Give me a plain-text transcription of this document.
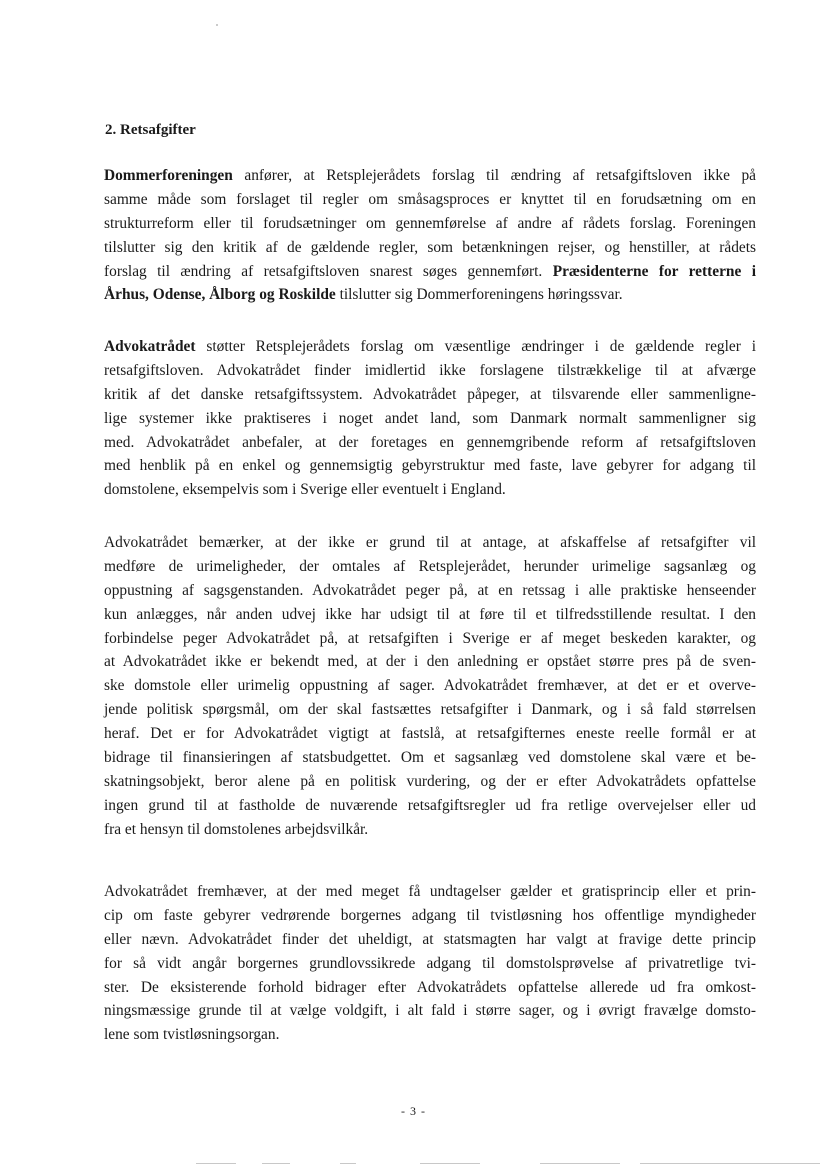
2. Retsafgifter
Dommerforeningen anfører, at Retsplejerådets forslag til ændring af retsafgiftsloven ikke på
samme måde som forslaget til regler om småsagsproces er knyttet til en forudsætning om en
strukturreform eller til forudsætninger om gennemførelse af andre af rådets forslag. Foreningen
tilslutter sig den kritik af de gældende regler, som betænkningen rejser, og henstiller, at rådets
forslag til ændring af retsafgiftsloven snarest søges gennemført. Præsidenterne for retterne i
Århus, Odense, Ålborg og Roskilde tilslutter sig Dommerforeningens høringssvar.
Advokatrådet støtter Retsplejerådets forslag om væsentlige ændringer i de gældende regler i
retsafgiftsloven. Advokatrådet finder imidlertid ikke forslagene tilstrækkelige til at afværge
kritik af det danske retsafgiftssystem. Advokatrådet påpeger, at tilsvarende eller sammenligne-
lige systemer ikke praktiseres i noget andet land, som Danmark normalt sammenligner sig
med. Advokatrådet anbefaler, at der foretages en gennemgribende reform af retsafgiftsloven
med henblik på en enkel og gennemsigtig gebyrstruktur med faste, lave gebyrer for adgang til
domstolene, eksempelvis som i Sverige eller eventuelt i England.
Advokatrådet bemærker, at der ikke er grund til at antage, at afskaffelse af retsafgifter vil
medføre de urimeligheder, der omtales af Retsplejerådet, herunder urimelige sagsanlæg og
oppustning af sagsgenstanden. Advokatrådet peger på, at en retssag i alle praktiske henseender
kun anlægges, når anden udvej ikke har udsigt til at føre til et tilfredsstillende resultat. I den
forbindelse peger Advokatrådet på, at retsafgiften i Sverige er af meget beskeden karakter, og
at Advokatrådet ikke er bekendt med, at der i den anledning er opstået større pres på de sven-
ske domstole eller urimelig oppustning af sager. Advokatrådet fremhæver, at det er et overve-
jende politisk spørgsmål, om der skal fastsættes retsafgifter i Danmark, og i så fald størrelsen
heraf. Det er for Advokatrådet vigtigt at fastslå, at retsafgifternes eneste reelle formål er at
bidrage til finansieringen af statsbudgettet. Om et sagsanlæg ved domstolene skal være et be-
skatningsobjekt, beror alene på en politisk vurdering, og der er efter Advokatrådets opfattelse
ingen grund til at fastholde de nuværende retsafgiftsregler ud fra retlige overvejelser eller ud
fra et hensyn til domstolenes arbejdsvilkår.
Advokatrådet fremhæver, at der med meget få undtagelser gælder et gratisprincip eller et prin-
cip om faste gebyrer vedrørende borgernes adgang til tvistløsning hos offentlige myndigheder
eller nævn. Advokatrådet finder det uheldigt, at statsmagten har valgt at fravige dette princip
for så vidt angår borgernes grundlovssikrede adgang til domstolsprøvelse af privatretlige tvi-
ster. De eksisterende forhold bidrager efter Advokatrådets opfattelse allerede ud fra omkost-
ningsmæssige grunde til at vælge voldgift, i alt fald i større sager, og i øvrigt fravælge domsto-
lene som tvistløsningsorgan.
- 3 -
